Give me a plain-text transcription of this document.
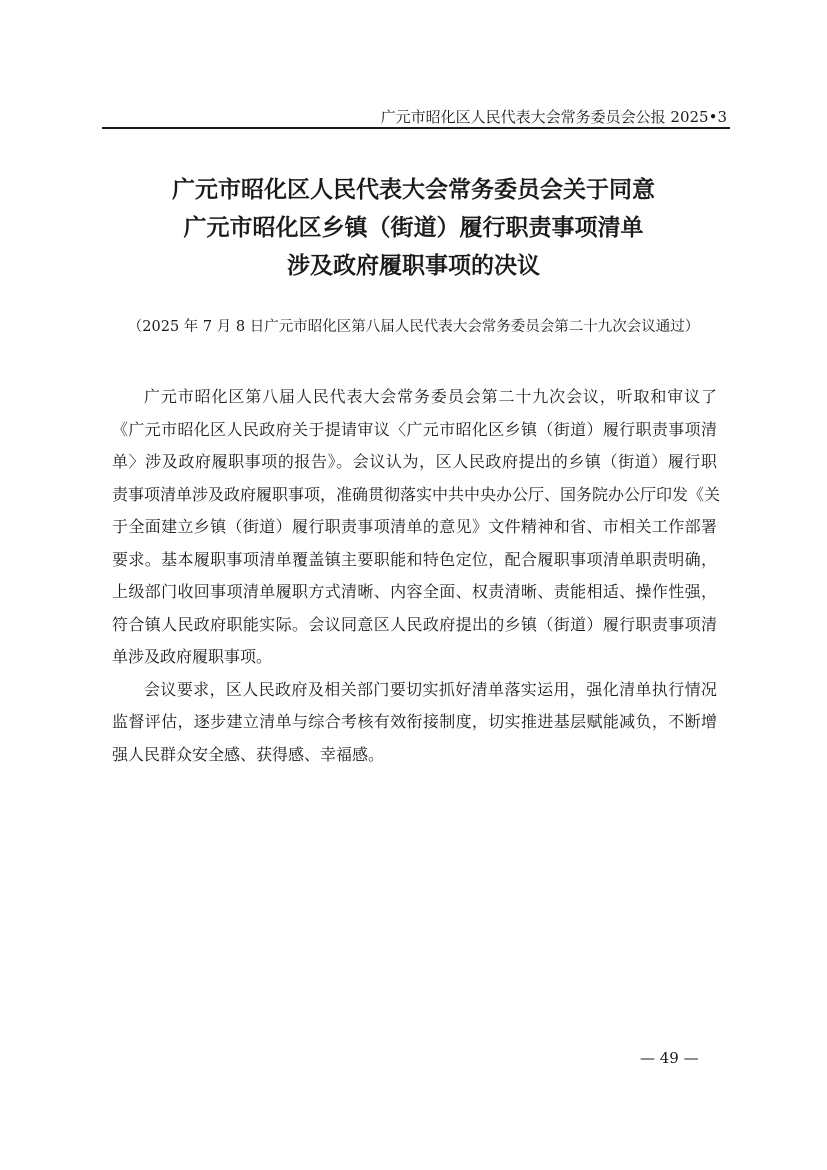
广元市昭化区人民代表大会常务委员会公报 2025•3
广元市昭化区人民代表大会常务委员会关于同意
广元市昭化区乡镇（街道）履行职责事项清单
涉及政府履职事项的决议
（2025 年 7 月 8 日广元市昭化区第八届人民代表大会常务委员会第二十九次会议通过）
广元市昭化区第八届人民代表大会常务委员会第二十九次会议，听取和审议了
《广元市昭化区人民政府关于提请审议〈广元市昭化区乡镇（街道）履行职责事项清
单〉涉及政府履职事项的报告》。会议认为，区人民政府提出的乡镇（街道）履行职
责事项清单涉及政府履职事项，准确贯彻落实中共中央办公厅、国务院办公厅印发《关
于全面建立乡镇（街道）履行职责事项清单的意见》文件精神和省、市相关工作部署
要求。基本履职事项清单覆盖镇主要职能和特色定位，配合履职事项清单职责明确，
上级部门收回事项清单履职方式清晰、内容全面、权责清晰、责能相适、操作性强，
符合镇人民政府职能实际。会议同意区人民政府提出的乡镇（街道）履行职责事项清
单涉及政府履职事项。
会议要求，区人民政府及相关部门要切实抓好清单落实运用，强化清单执行情况
监督评估，逐步建立清单与综合考核有效衔接制度，切实推进基层赋能减负，不断增
强人民群众安全感、获得感、幸福感。
— 49 —
